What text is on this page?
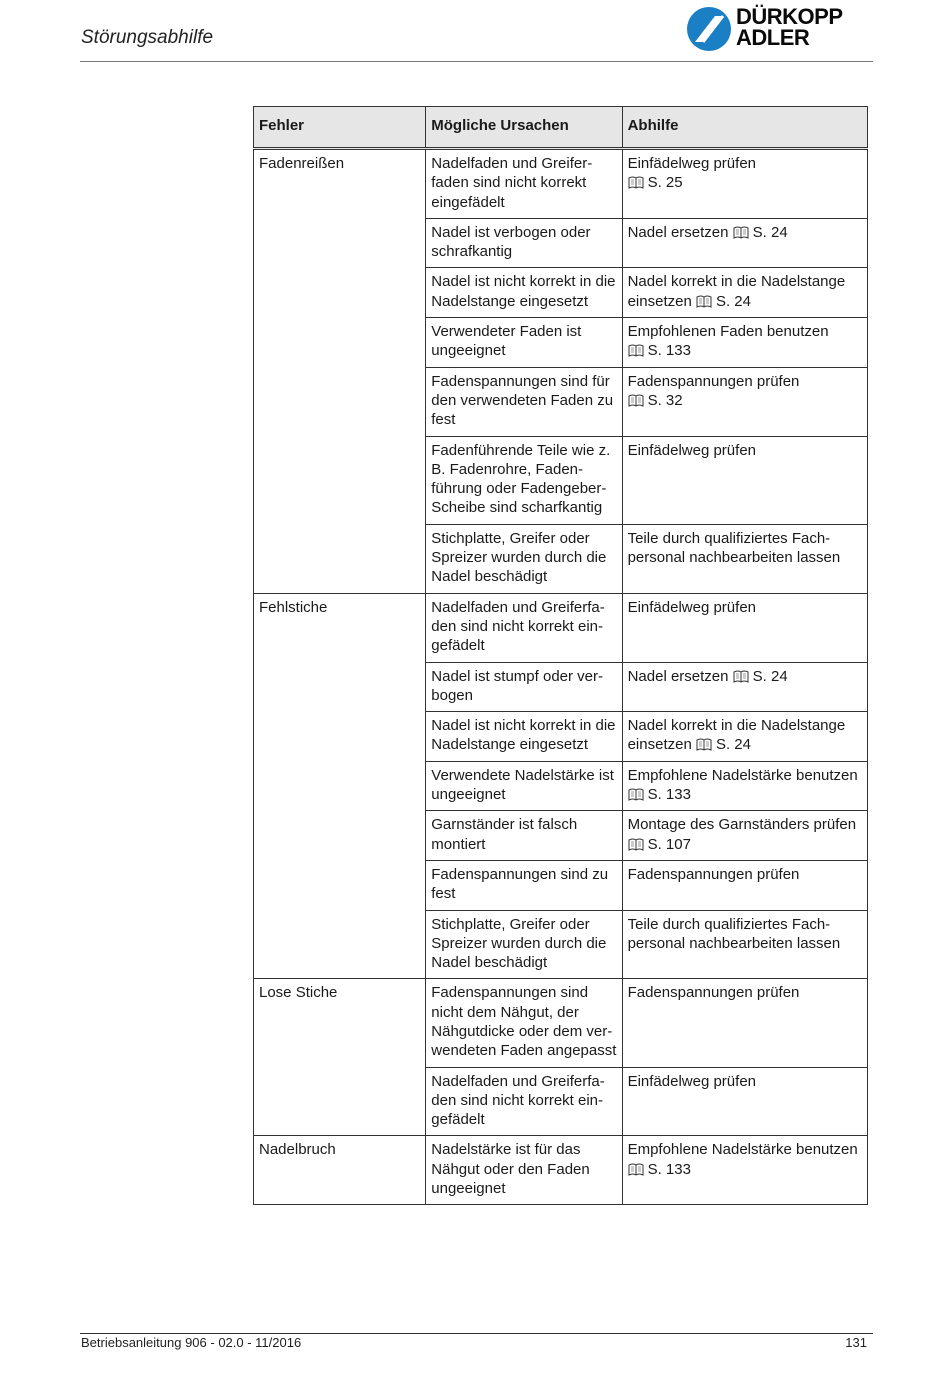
Störungsabhilfe
DÜRKOPP
ADLER
Fehler	Mögliche Ursachen	Abhilfe
Fadenreißen	Nadelfaden und Greiferfaden sind nicht korrekt eingefädelt	Einfädelweg prüfen
S. 25
	Nadel ist verbogen oder schrafkantig	Nadel ersetzen S. 24
	Nadel ist nicht korrekt in die Nadelstange eingesetzt	Nadel korrekt in die Nadelstange einsetzen S. 24
	Verwendeter Faden ist ungeeignet	Empfohlenen Faden benutzen
S. 133
	Fadenspannungen sind für den verwendeten Faden zu fest	Fadenspannungen prüfen
S. 32
	Fadenführende Teile wie z. B. Fadenrohre, Fadenführung oder Fadengeber-Scheibe sind scharfkantig	Einfädelweg prüfen
	Stichplatte, Greifer oder Spreizer wurden durch die Nadel beschädigt	Teile durch qualifiziertes Fachpersonal nachbearbeiten lassen
Fehlstiche	Nadelfaden und Greiferfaden sind nicht korrekt eingefädelt	Einfädelweg prüfen
	Nadel ist stumpf oder verbogen	Nadel ersetzen S. 24
	Nadel ist nicht korrekt in die Nadelstange eingesetzt	Nadel korrekt in die Nadelstange einsetzen S. 24
	Verwendete Nadelstärke ist ungeeignet	Empfohlene Nadelstärke benutzen
S. 133
	Garnständer ist falsch montiert	Montage des Garnständers prüfen S. 107
	Fadenspannungen sind zu fest	Fadenspannungen prüfen
	Stichplatte, Greifer oder Spreizer wurden durch die Nadel beschädigt	Teile durch qualifiziertes Fachpersonal nachbearbeiten lassen
Lose Stiche	Fadenspannungen sind nicht dem Nähgut, der Nähgutdicke oder dem verwendeten Faden angepasst	Fadenspannungen prüfen
	Nadelfaden und Greiferfaden sind nicht korrekt eingefädelt	Einfädelweg prüfen
Nadelbruch	Nadelstärke ist für das Nähgut oder den Faden ungeeignet	Empfohlene Nadelstärke benutzen
S. 133
Betriebsanleitung 906 - 02.0 - 11/2016	131
